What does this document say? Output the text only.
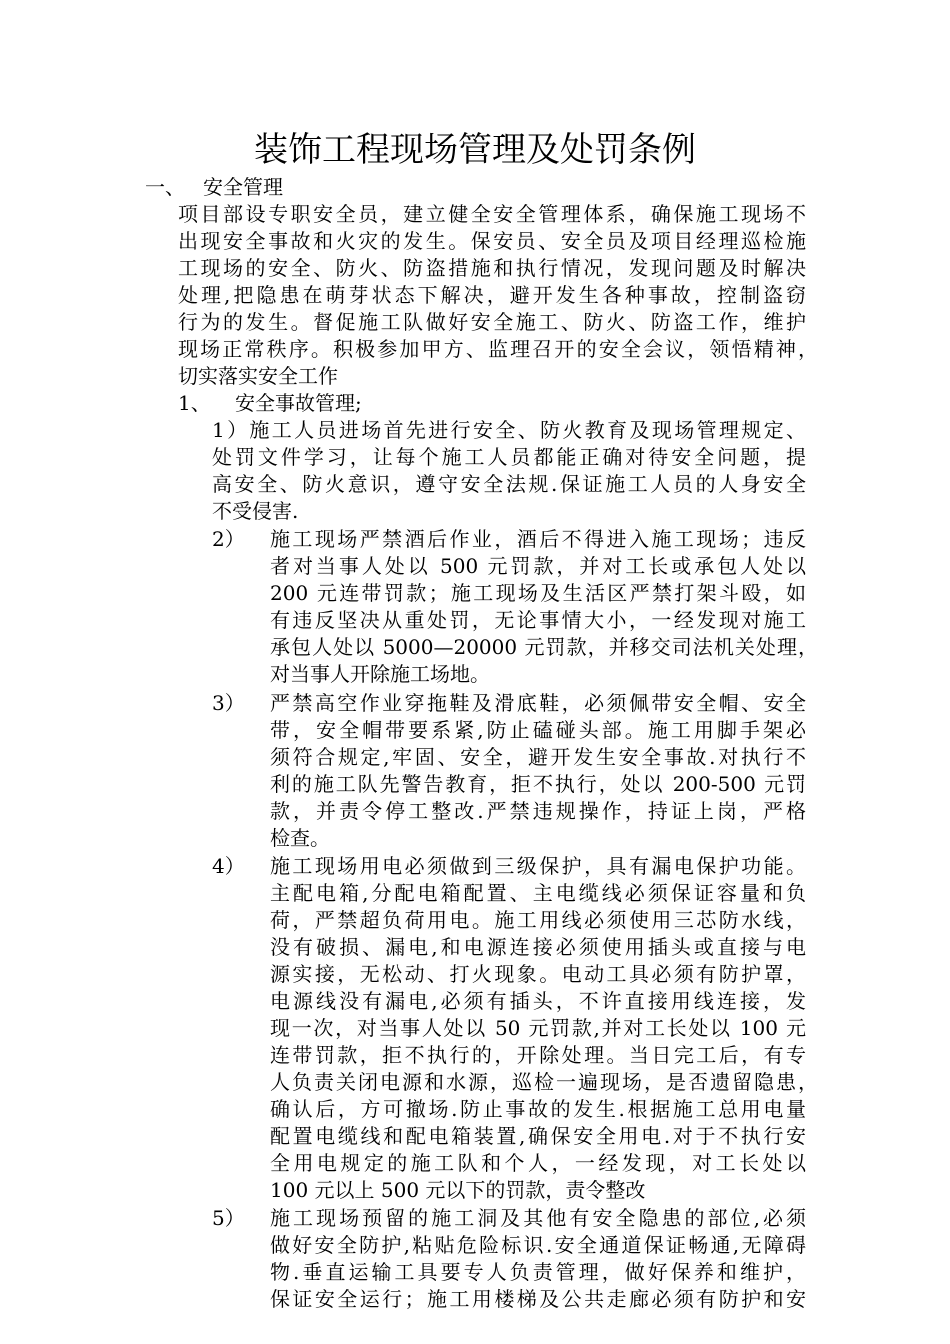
装饰工程现场管理及处罚条例
一、 安全管理
项目部设专职安全员，建立健全安全管理体系，确保施工现场不
出现安全事故和火灾的发生。保安员、安全员及项目经理巡检施
工现场的安全、防火、防盗措施和执行情况，发现问题及时解决
处理,把隐患在萌芽状态下解决，避开发生各种事故，控制盗窃
行为的发生。督促施工队做好安全施工、防火、防盗工作，维护
现场正常秩序。积极参加甲方、监理召开的安全会议，领悟精神，
切实落实安全工作
1、 安全事故管理;
1）施工人员进场首先进行安全、防火教育及现场管理规定、
处罚文件学习，让每个施工人员都能正确对待安全问题，提
高安全、防火意识，遵守安全法规.保证施工人员的人身安全
不受侵害.
2） 施工现场严禁酒后作业，酒后不得进入施工现场；违反
者对当事人处以 500 元罚款，并对工长或承包人处以
200 元连带罚款；施工现场及生活区严禁打架斗殴，如
有违反坚决从重处罚，无论事情大小，一经发现对施工
承包人处以 5000—20000 元罚款，并移交司法机关处理，
对当事人开除施工场地。
3） 严禁高空作业穿拖鞋及滑底鞋，必须佩带安全帽、安全
带，安全帽带要系紧,防止磕碰头部。施工用脚手架必
须符合规定,牢固、安全，避开发生安全事故.对执行不
利的施工队先警告教育，拒不执行，处以 200-500 元罚
款，并责令停工整改.严禁违规操作，持证上岗，严格
检查。
4） 施工现场用电必须做到三级保护，具有漏电保护功能。
主配电箱,分配电箱配置、主电缆线必须保证容量和负
荷，严禁超负荷用电。施工用线必须使用三芯防水线，
没有破损、漏电,和电源连接必须使用插头或直接与电
源实接，无松动、打火现象。电动工具必须有防护罩，
电源线没有漏电,必须有插头，不许直接用线连接，发
现一次，对当事人处以 50 元罚款,并对工长处以 100 元
连带罚款，拒不执行的，开除处理。当日完工后，有专
人负责关闭电源和水源，巡检一遍现场，是否遗留隐患，
确认后，方可撤场.防止事故的发生.根据施工总用电量
配置电缆线和配电箱装置,确保安全用电.对于不执行安
全用电规定的施工队和个人，一经发现，对工长处以
100 元以上 500 元以下的罚款，责令整改
5） 施工现场预留的施工洞及其他有安全隐患的部位,必须
做好安全防护,粘贴危险标识.安全通道保证畅通,无障碍
物.垂直运输工具要专人负责管理，做好保养和维护，
保证安全运行；施工用楼梯及公共走廊必须有防护和安
